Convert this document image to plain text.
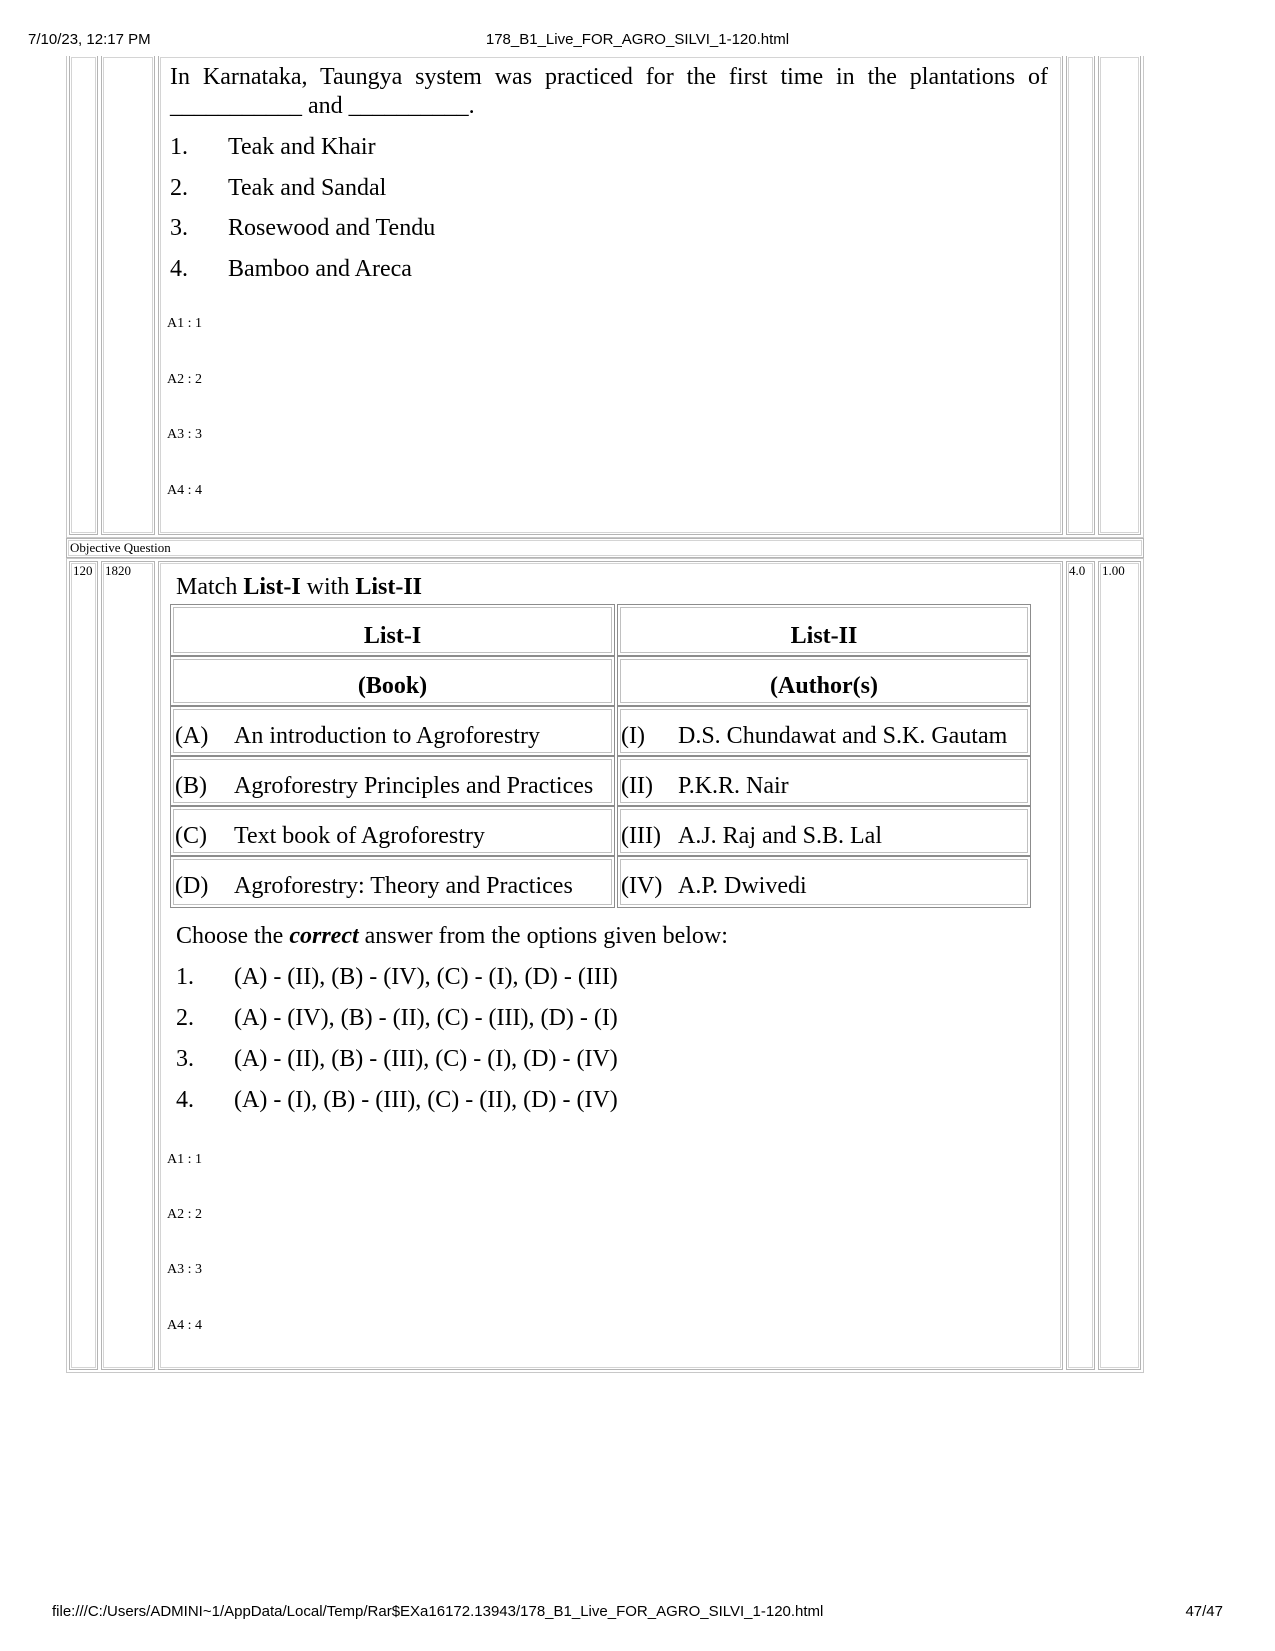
7/10/23, 12:17 PM	178_B1_Live_FOR_AGRO_SILVI_1-120.html
In Karnataka, Taungya system was practiced for the first time in the plantations of ___________ and __________.
1. Teak and Khair
2. Teak and Sandal
3. Rosewood and Tendu
4. Bamboo and Areca
A1 : 1
A2 : 2
A3 : 3
A4 : 4
Objective Question
120 1820	4.0 1.00
Match List-I with List-II
List-I	List-II
(Book)	(Author(s)
(A) An introduction to Agroforestry	(I) D.S. Chundawat and S.K. Gautam
(B) Agroforestry Principles and Practices (II) P.K.R. Nair
(C) Text book of Agroforestry	(III) A.J. Raj and S.B. Lal
(D) Agroforestry: Theory and Practices (IV) A.P. Dwivedi
Choose the correct answer from the options given below:
1. (A) - (II), (B) - (IV), (C) - (I), (D) - (III)
2. (A) - (IV), (B) - (II), (C) - (III), (D) - (I)
3. (A) - (II), (B) - (III), (C) - (I), (D) - (IV)
4. (A) - (I), (B) - (III), (C) - (II), (D) - (IV)
A1 : 1
A2 : 2
A3 : 3
A4 : 4
file:///C:/Users/ADMINI~1/AppData/Local/Temp/Rar$EXa16172.13943/178_B1_Live_FOR_AGRO_SILVI_1-120.html	47/47
